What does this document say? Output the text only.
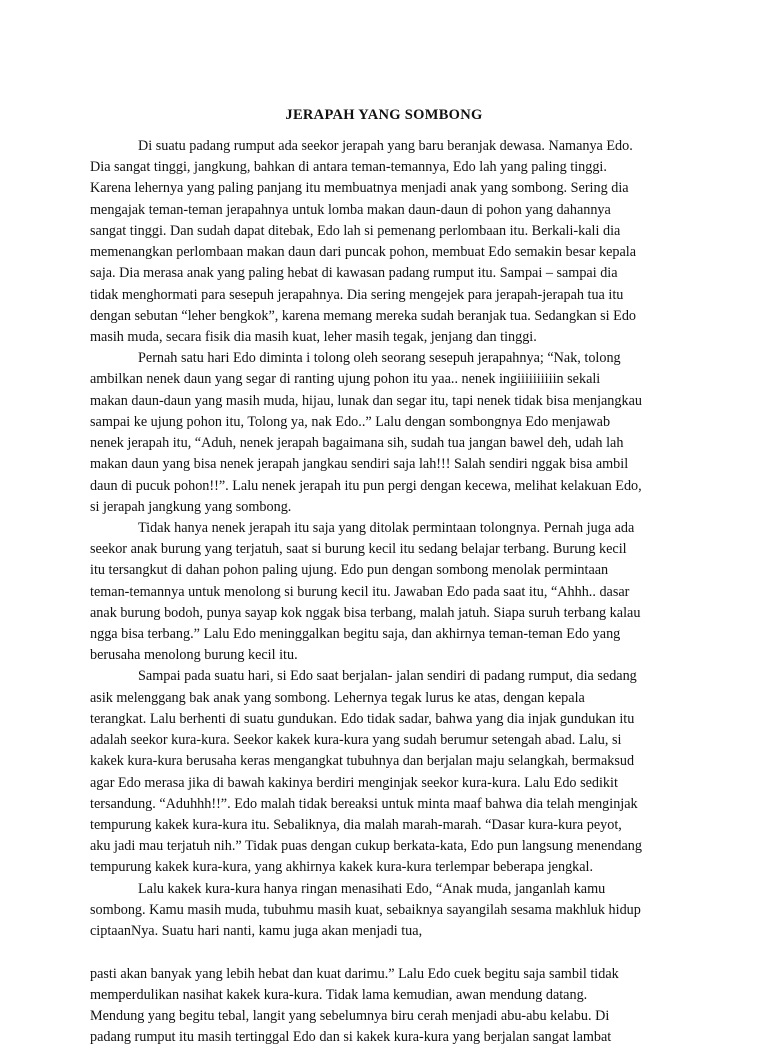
JERAPAH YANG SOMBONG
Di suatu padang rumput ada seekor jerapah yang baru beranjak dewasa. Namanya Edo.
Dia sangat tinggi, jangkung, bahkan di antara teman-temannya, Edo lah yang paling tinggi.
Karena lehernya yang paling panjang itu membuatnya menjadi anak yang sombong. Sering dia
mengajak teman-teman jerapahnya untuk lomba makan daun-daun di pohon yang dahannya
sangat tinggi. Dan sudah dapat ditebak, Edo lah si pemenang perlombaan itu. Berkali-kali dia
memenangkan perlombaan makan daun dari puncak pohon, membuat Edo semakin besar kepala
saja. Dia merasa anak yang paling hebat di kawasan padang rumput itu. Sampai – sampai dia
tidak menghormati para sesepuh jerapahnya. Dia sering mengejek para jerapah-jerapah tua itu
dengan sebutan “leher bengkok”, karena memang mereka sudah beranjak tua. Sedangkan si Edo
masih muda, secara fisik dia masih kuat, leher masih tegak, jenjang dan tinggi.
Pernah satu hari Edo diminta i tolong oleh seorang sesepuh jerapahnya; “Nak, tolong
ambilkan nenek daun yang segar di ranting ujung pohon itu yaa.. nenek ingiiiiiiiiiin sekali
makan daun-daun yang masih muda, hijau, lunak dan segar itu, tapi nenek tidak bisa menjangkau
sampai ke ujung pohon itu, Tolong ya, nak Edo..” Lalu dengan sombongnya Edo menjawab
nenek jerapah itu, “Aduh, nenek jerapah bagaimana sih, sudah tua jangan bawel deh, udah lah
makan daun yang bisa nenek jerapah jangkau sendiri saja lah!!! Salah sendiri nggak bisa ambil
daun di pucuk pohon!!”. Lalu nenek jerapah itu pun pergi dengan kecewa, melihat kelakuan Edo,
si jerapah jangkung yang sombong.
Tidak hanya nenek jerapah itu saja yang ditolak permintaan tolongnya. Pernah juga ada
seekor anak burung yang terjatuh, saat si burung kecil itu sedang belajar terbang. Burung kecil
itu tersangkut di dahan pohon paling ujung. Edo pun dengan sombong menolak permintaan
teman-temannya untuk menolong si burung kecil itu. Jawaban Edo pada saat itu, “Ahhh.. dasar
anak burung bodoh, punya sayap kok nggak bisa terbang, malah jatuh. Siapa suruh terbang kalau
ngga bisa terbang.” Lalu Edo meninggalkan begitu saja, dan akhirnya teman-teman Edo yang
berusaha menolong burung kecil itu.
Sampai pada suatu hari, si Edo saat berjalan- jalan sendiri di padang rumput, dia sedang
asik melenggang bak anak yang sombong. Lehernya tegak lurus ke atas, dengan kepala
terangkat. Lalu berhenti di suatu gundukan. Edo tidak sadar, bahwa yang dia injak gundukan itu
adalah seekor kura-kura. Seekor kakek kura-kura yang sudah berumur setengah abad. Lalu, si
kakek kura-kura berusaha keras mengangkat tubuhnya dan berjalan maju selangkah, bermaksud
agar Edo merasa jika di bawah kakinya berdiri menginjak seekor kura-kura. Lalu Edo sedikit
tersandung. “Aduhhh!!”. Edo malah tidak bereaksi untuk minta maaf bahwa dia telah menginjak
tempurung kakek kura-kura itu. Sebaliknya, dia malah marah-marah. “Dasar kura-kura peyot,
aku jadi mau terjatuh nih.” Tidak puas dengan cukup berkata-kata, Edo pun langsung menendang
tempurung kakek kura-kura, yang akhirnya kakek kura-kura terlempar beberapa jengkal.
Lalu kakek kura-kura hanya ringan menasihati Edo, “Anak muda, janganlah kamu
sombong. Kamu masih muda, tubuhmu masih kuat, sebaiknya sayangilah sesama makhluk hidup
ciptaanNya. Suatu hari nanti, kamu juga akan menjadi tua,
pasti akan banyak yang lebih hebat dan kuat darimu.” Lalu Edo cuek begitu saja sambil tidak
memperdulikan nasihat kakek kura-kura. Tidak lama kemudian, awan mendung datang.
Mendung yang begitu tebal, langit yang sebelumnya biru cerah menjadi abu-abu kelabu. Di
padang rumput itu masih tertinggal Edo dan si kakek kura-kura yang berjalan sangat lambat
